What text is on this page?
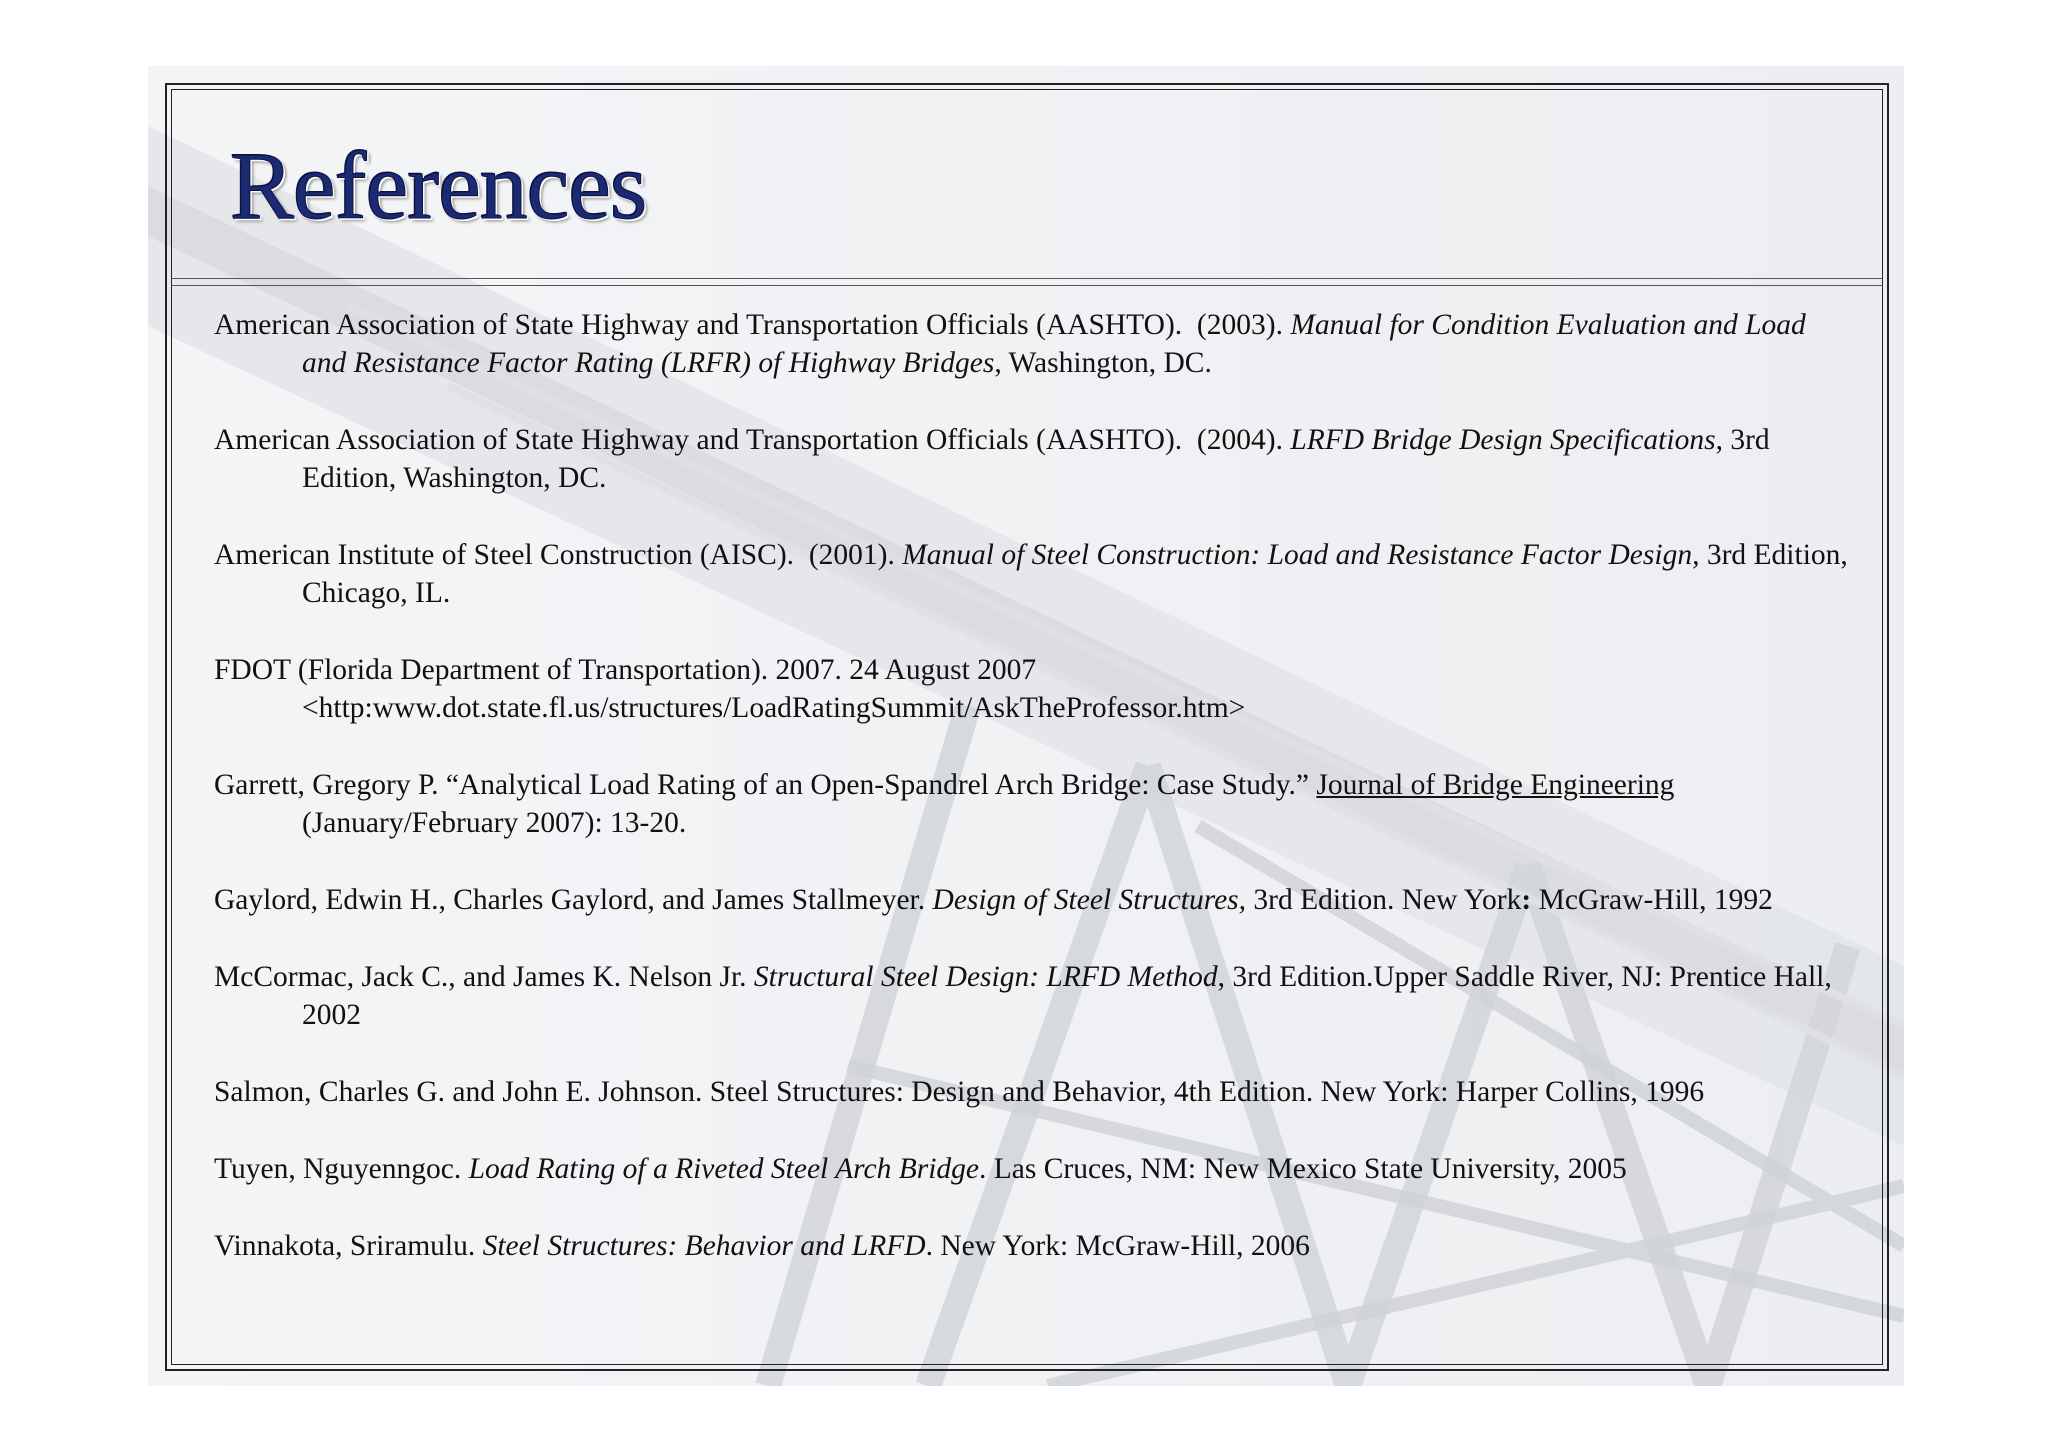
References

American Association of State Highway and Transportation Officials (AASHTO). (2003). Manual for Condition Evaluation and Load and Resistance Factor Rating (LRFR) of Highway Bridges, Washington, DC.

American Association of State Highway and Transportation Officials (AASHTO). (2004). LRFD Bridge Design Specifications, 3rd Edition, Washington, DC.

American Institute of Steel Construction (AISC). (2001). Manual of Steel Construction: Load and Resistance Factor Design, 3rd Edition, Chicago, IL.

FDOT (Florida Department of Transportation). 2007. 24 August 2007
<http:www.dot.state.fl.us/structures/LoadRatingSummit/AskTheProfessor.htm>

Garrett, Gregory P. “Analytical Load Rating of an Open-Spandrel Arch Bridge: Case Study.” Journal of Bridge Engineering (January/February 2007): 13-20.

Gaylord, Edwin H., Charles Gaylord, and James Stallmeyer. Design of Steel Structures, 3rd Edition. New York: McGraw-Hill, 1992

McCormac, Jack C., and James K. Nelson Jr. Structural Steel Design: LRFD Method, 3rd Edition.Upper Saddle River, NJ: Prentice Hall, 2002

Salmon, Charles G. and John E. Johnson. Steel Structures: Design and Behavior, 4th Edition. New York: Harper Collins, 1996

Tuyen, Nguyenngoc. Load Rating of a Riveted Steel Arch Bridge. Las Cruces, NM: New Mexico State University, 2005

Vinnakota, Sriramulu. Steel Structures: Behavior and LRFD. New York: McGraw-Hill, 2006
